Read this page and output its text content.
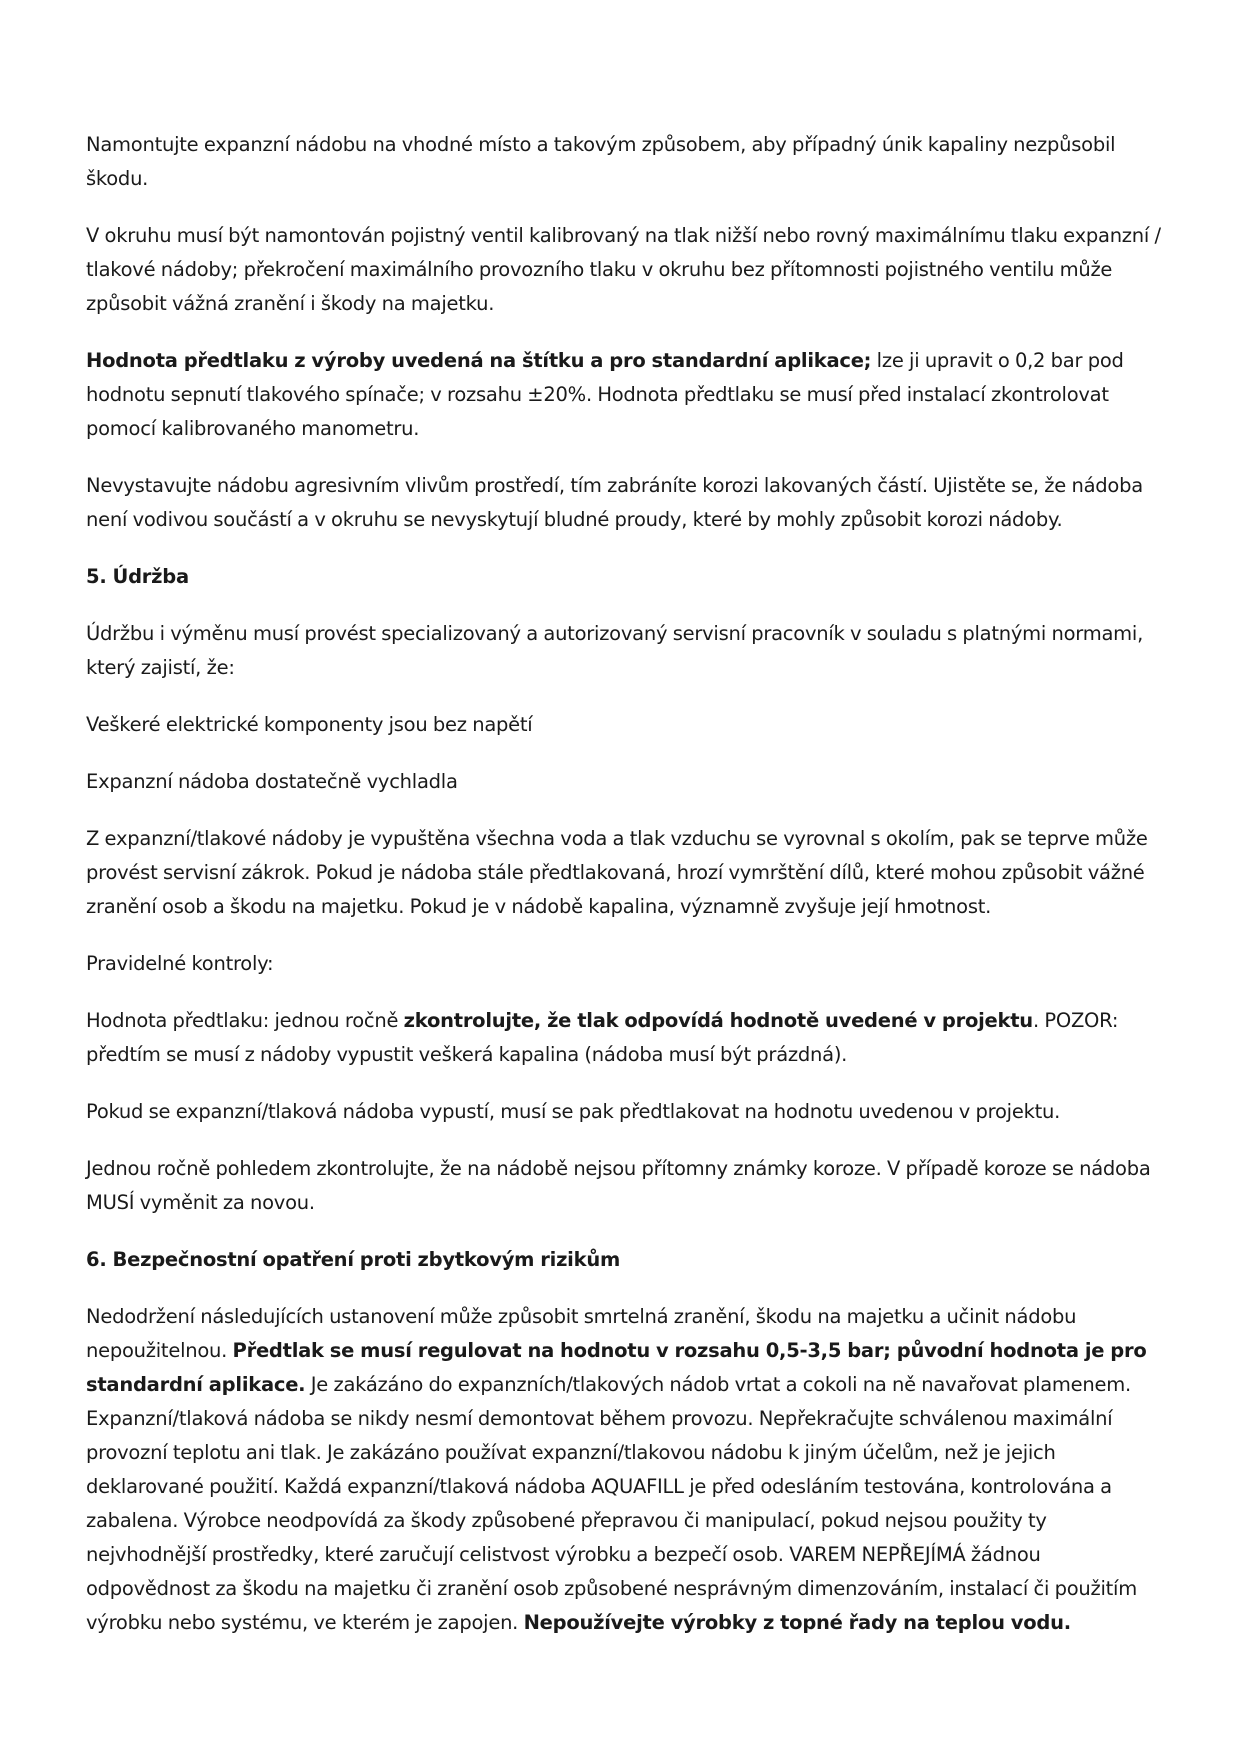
Namontujte expanzní nádobu na vhodné místo a takovým způsobem, aby případný únik kapaliny nezpůsobil škodu.

V okruhu musí být namontován pojistný ventil kalibrovaný na tlak nižší nebo rovný maximálnímu tlaku expanzní / tlakové nádoby; překročení maximálního provozního tlaku v okruhu bez přítomnosti pojistného ventilu může způsobit vážná zranění i škody na majetku.

Hodnota předtlaku z výroby uvedená na štítku a pro standardní aplikace; lze ji upravit o 0,2 bar pod hodnotu sepnutí tlakového spínače; v rozsahu ±20%. Hodnota předtlaku se musí před instalací zkontrolovat pomocí kalibrovaného manometru.

Nevystavujte nádobu agresivním vlivům prostředí, tím zabráníte korozi lakovaných částí. Ujistěte se, že nádoba není vodivou součástí a v okruhu se nevyskytují bludné proudy, které by mohly způsobit korozi nádoby.

5. Údržba

Údržbu i výměnu musí provést specializovaný a autorizovaný servisní pracovník v souladu s platnými normami, který zajistí, že:

Veškeré elektrické komponenty jsou bez napětí

Expanzní nádoba dostatečně vychladla

Z expanzní/tlakové nádoby je vypuštěna všechna voda a tlak vzduchu se vyrovnal s okolím, pak se teprve může provést servisní zákrok. Pokud je nádoba stále předtlakovaná, hrozí vymrštění dílů, které mohou způsobit vážné zranění osob a škodu na majetku. Pokud je v nádobě kapalina, významně zvyšuje její hmotnost.

Pravidelné kontroly:

Hodnota předtlaku: jednou ročně zkontrolujte, že tlak odpovídá hodnotě uvedené v projektu. POZOR: předtím se musí z nádoby vypustit veškerá kapalina (nádoba musí být prázdná).

Pokud se expanzní/tlaková nádoba vypustí, musí se pak předtlakovat na hodnotu uvedenou v projektu.

Jednou ročně pohledem zkontrolujte, že na nádobě nejsou přítomny známky koroze. V případě koroze se nádoba MUSÍ vyměnit za novou.

6. Bezpečnostní opatření proti zbytkovým rizikům

Nedodržení následujících ustanovení může způsobit smrtelná zranění, škodu na majetku a učinit nádobu nepoužitelnou. Předtlak se musí regulovat na hodnotu v rozsahu 0,5-3,5 bar; původní hodnota je pro standardní aplikace. Je zakázáno do expanzních/tlakových nádob vrtat a cokoli na ně navařovat plamenem. Expanzní/tlaková nádoba se nikdy nesmí demontovat během provozu. Nepřekračujte schválenou maximální provozní teplotu ani tlak. Je zakázáno používat expanzní/tlakovou nádobu k jiným účelům, než je jejich deklarované použití. Každá expanzní/tlaková nádoba AQUAFILL je před odesláním testována, kontrolována a zabalena. Výrobce neodpovídá za škody způsobené přepravou či manipulací, pokud nejsou použity ty nejvhodnější prostředky, které zaručují celistvost výrobku a bezpečí osob. VAREM NEPŘEJÍMÁ žádnou odpovědnost za škodu na majetku či zranění osob způsobené nesprávným dimenzováním, instalací či použitím výrobku nebo systému, ve kterém je zapojen. Nepoužívejte výrobky z topné řady na teplou vodu.
